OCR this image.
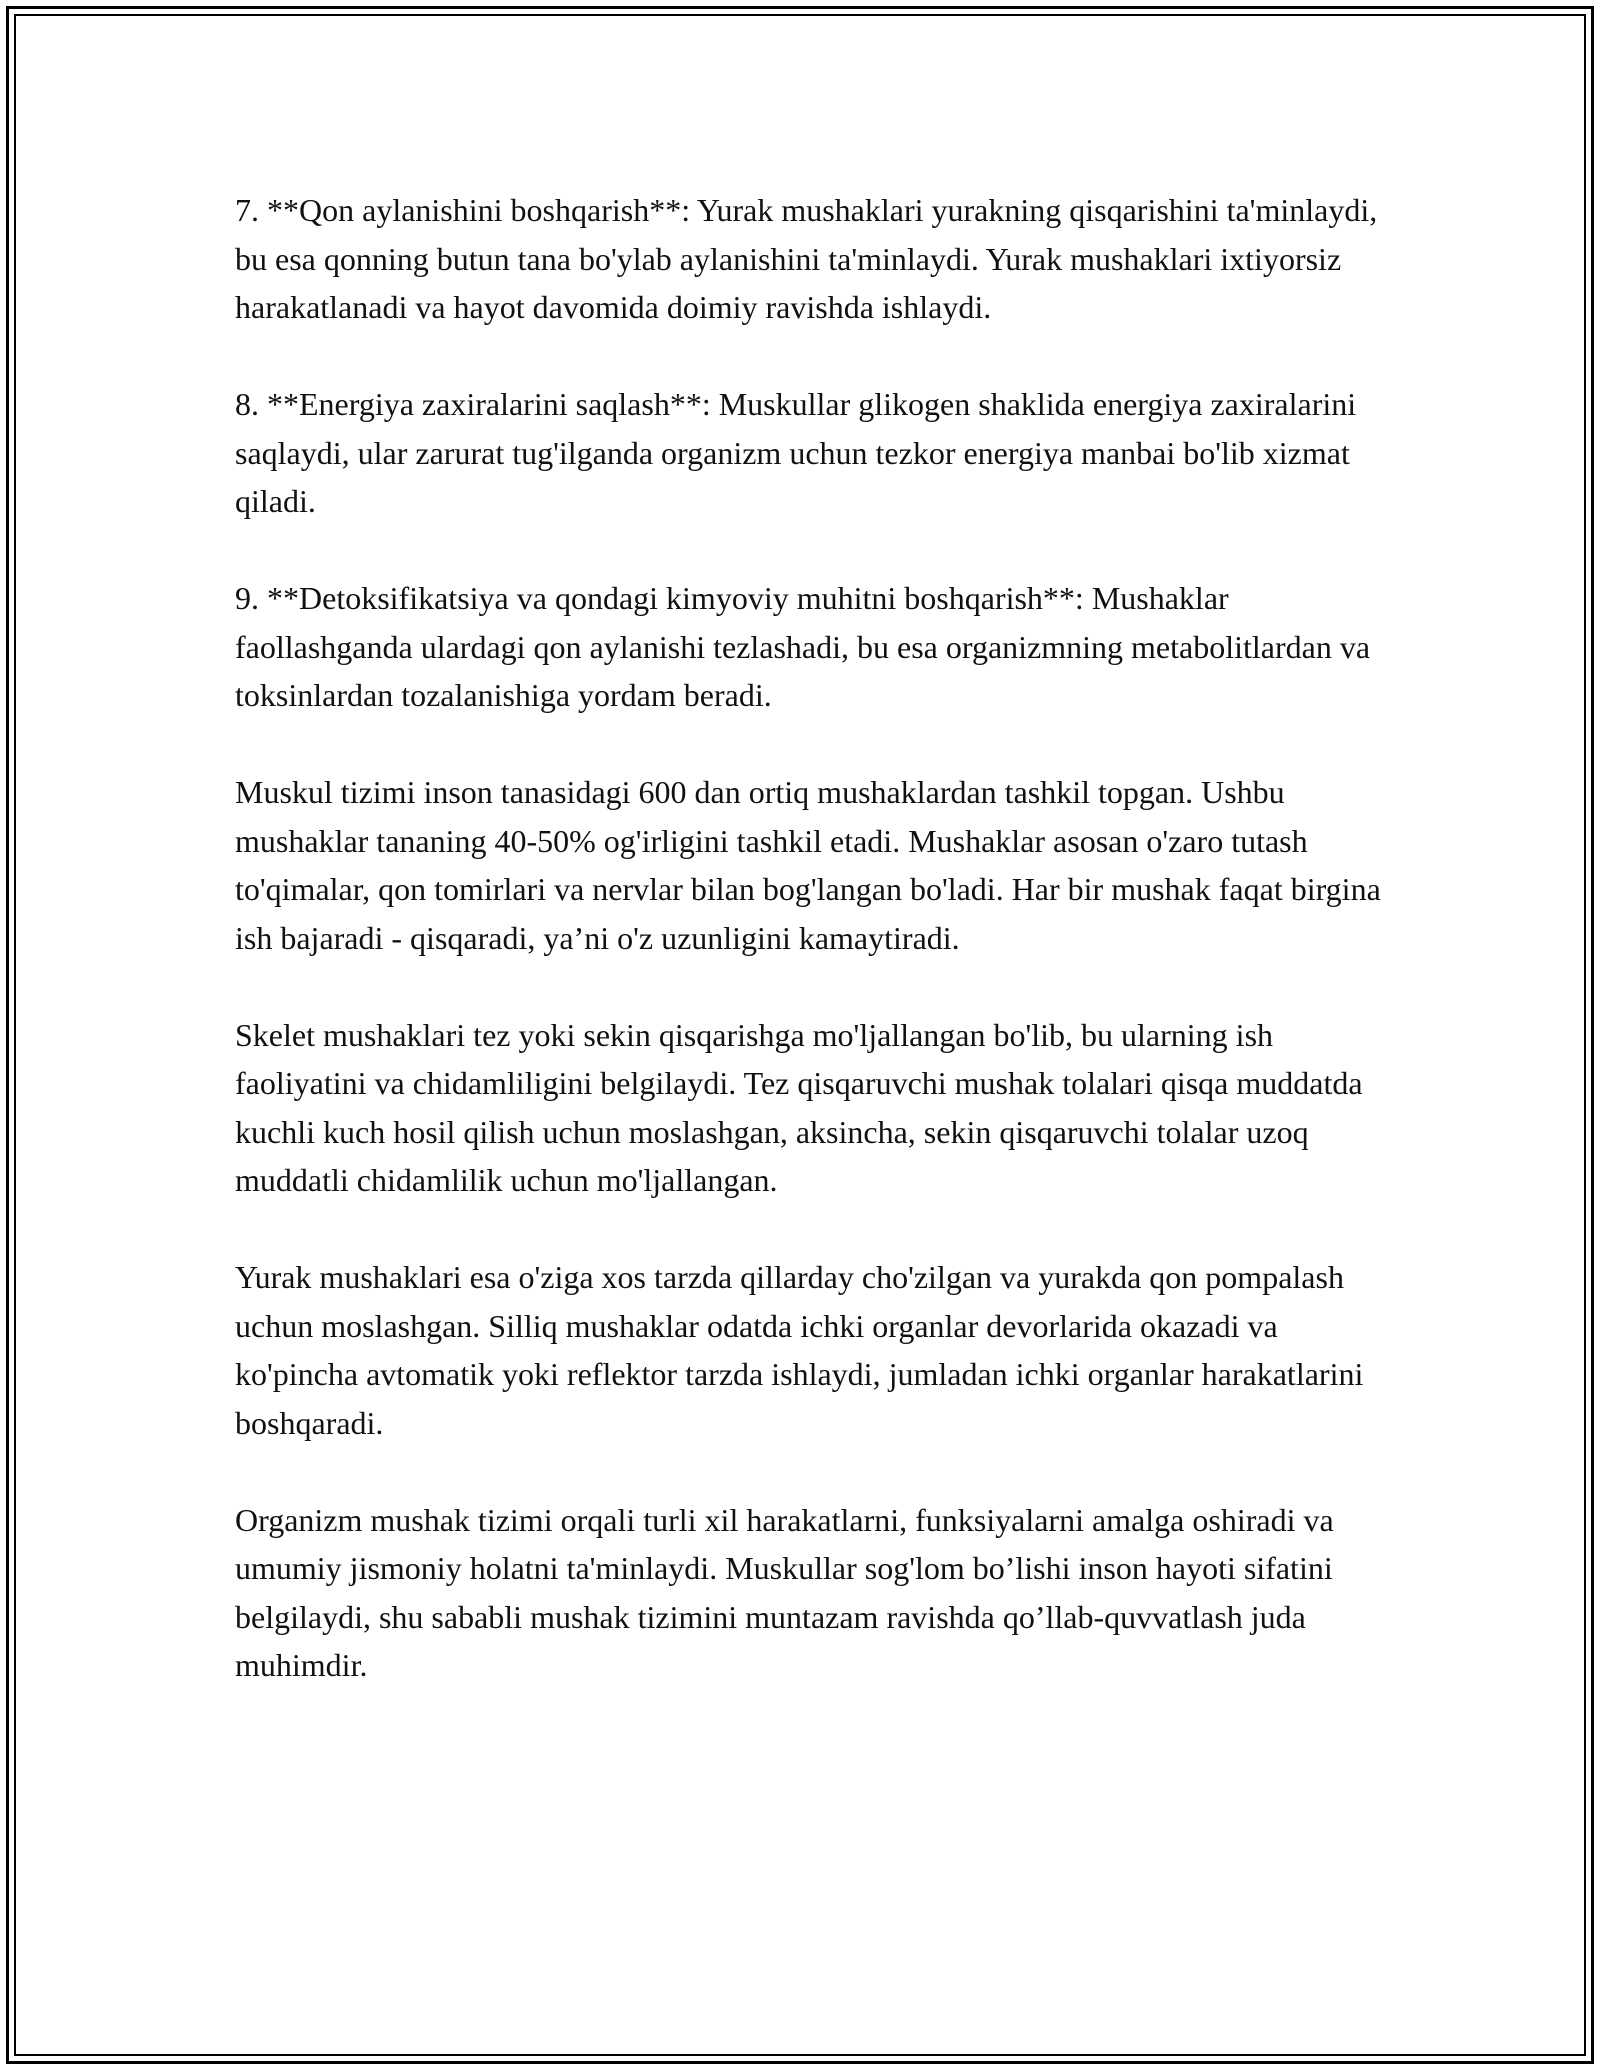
7. **Qon aylanishini boshqarish**: Yurak mushaklari yurakning qisqarishini ta'minlaydi, bu esa qonning butun tana bo'ylab aylanishini ta'minlaydi. Yurak mushaklari ixtiyorsiz harakatlanadi va hayot davomida doimiy ravishda ishlaydi.

8. **Energiya zaxiralarini saqlash**: Muskullar glikogen shaklida energiya zaxiralarini saqlaydi, ular zarurat tug'ilganda organizm uchun tezkor energiya manbai bo'lib xizmat qiladi.

9. **Detoksifikatsiya va qondagi kimyoviy muhitni boshqarish**: Mushaklar faollashganda ulardagi qon aylanishi tezlashadi, bu esa organizmning metabolitlardan va toksinlardan tozalanishiga yordam beradi.

Muskul tizimi inson tanasidagi 600 dan ortiq mushaklardan tashkil topgan. Ushbu mushaklar tananing 40-50% og'irligini tashkil etadi. Mushaklar asosan o'zaro tutash to'qimalar, qon tomirlari va nervlar bilan bog'langan bo'ladi. Har bir mushak faqat birgina ish bajaradi - qisqaradi, ya’ni o'z uzunligini kamaytiradi.

Skelet mushaklari tez yoki sekin qisqarishga mo'ljallangan bo'lib, bu ularning ish faoliyatini va chidamliligini belgilaydi. Tez qisqaruvchi mushak tolalari qisqa muddatda kuchli kuch hosil qilish uchun moslashgan, aksincha, sekin qisqaruvchi tolalar uzoq muddatli chidamlilik uchun mo'ljallangan.

Yurak mushaklari esa o'ziga xos tarzda qillarday cho'zilgan va yurakda qon pompalash uchun moslashgan. Silliq mushaklar odatda ichki organlar devorlarida okazadi va ko'pincha avtomatik yoki reflektor tarzda ishlaydi, jumladan ichki organlar harakatlarini boshqaradi.

Organizm mushak tizimi orqali turli xil harakatlarni, funksiyalarni amalga oshiradi va umumiy jismoniy holatni ta'minlaydi. Muskullar sog'lom bo’lishi inson hayoti sifatini belgilaydi, shu sababli mushak tizimini muntazam ravishda qo’llab-quvvatlash juda muhimdir.
